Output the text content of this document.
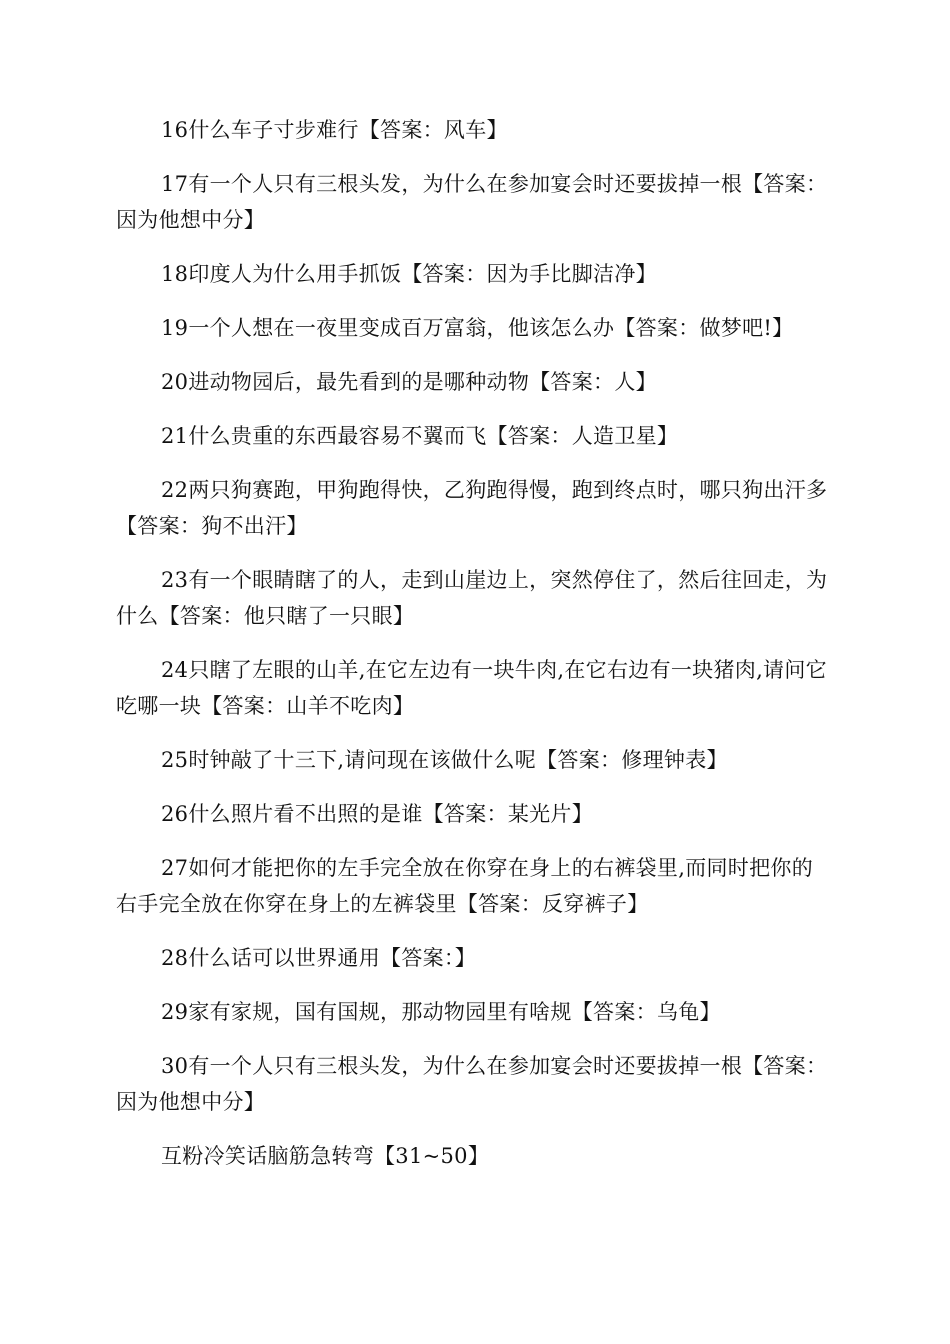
16什么车子寸步难行【答案：风车】

17有一个人只有三根头发，为什么在参加宴会时还要拔掉一根【答案：因为他想中分】

18印度人为什么用手抓饭【答案：因为手比脚洁净】

19一个人想在一夜里变成百万富翁，他该怎么办【答案：做梦吧!】

20进动物园后，最先看到的是哪种动物【答案：人】

21什么贵重的东西最容易不翼而飞【答案：人造卫星】

22两只狗赛跑，甲狗跑得快，乙狗跑得慢，跑到终点时，哪只狗出汗多【答案：狗不出汗】

23有一个眼睛瞎了的人，走到山崖边上，突然停住了，然后往回走，为什么【答案：他只瞎了一只眼】

24只瞎了左眼的山羊,在它左边有一块牛肉,在它右边有一块猪肉,请问它吃哪一块【答案：山羊不吃肉】

25时钟敲了十三下,请问现在该做什么呢【答案：修理钟表】

26什么照片看不出照的是谁【答案：某光片】

27如何才能把你的左手完全放在你穿在身上的右裤袋里,而同时把你的右手完全放在你穿在身上的左裤袋里【答案：反穿裤子】

28什么话可以世界通用【答案：】

29家有家规，国有国规，那动物园里有啥规【答案：乌龟】

30有一个人只有三根头发，为什么在参加宴会时还要拔掉一根【答案：因为他想中分】

互粉冷笑话脑筋急转弯【31~50】
